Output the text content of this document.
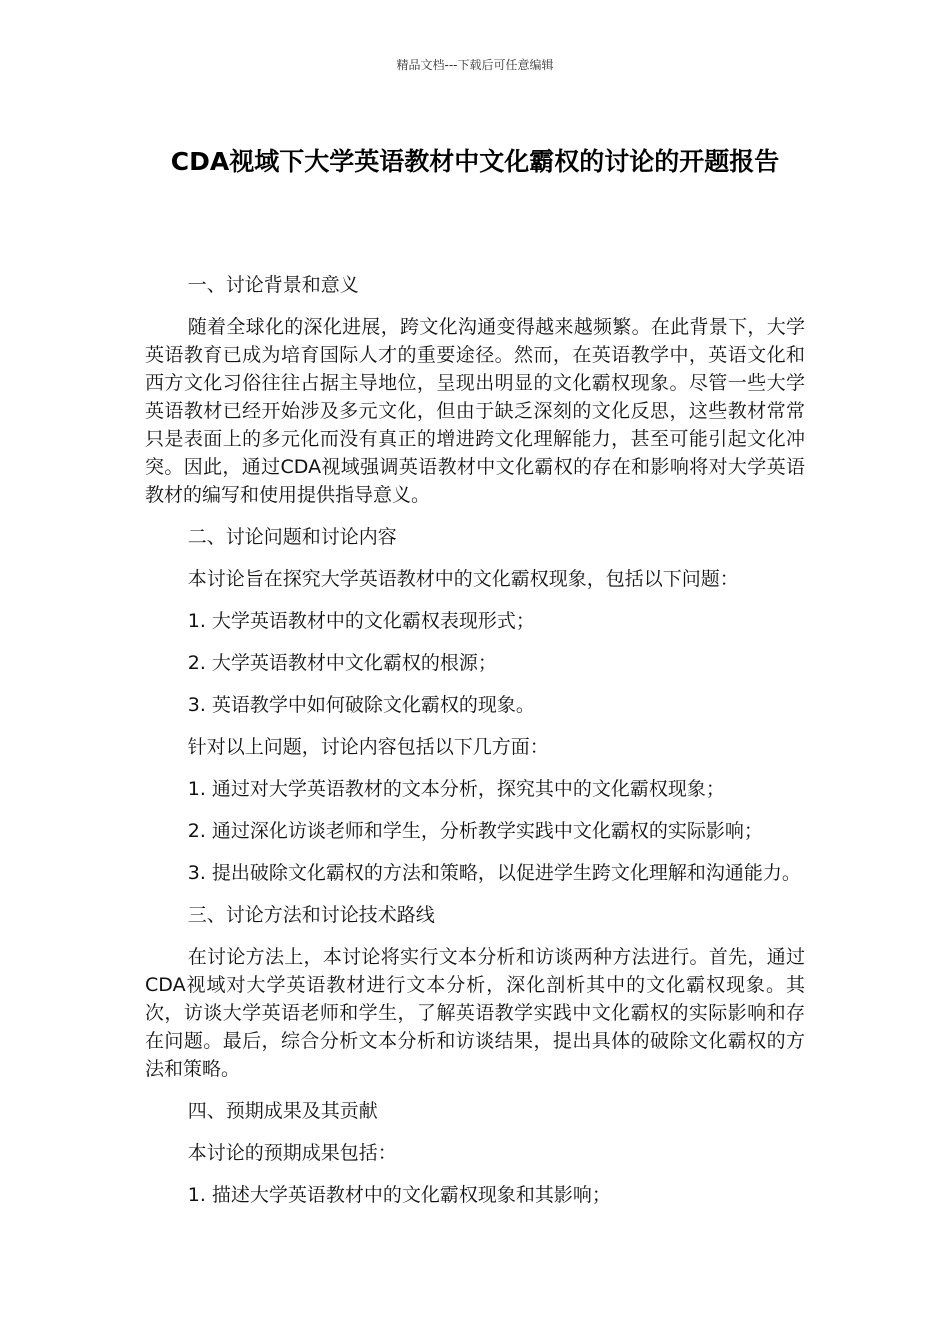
精品文档---下载后可任意编辑
CDA视域下大学英语教材中文化霸权的讨论的开题报告

一、讨论背景和意义

随着全球化的深化进展，跨文化沟通变得越来越频繁。在此背景下，大学英语教育已成为培育国际人才的重要途径。然而，在英语教学中，英语文化和西方文化习俗往往占据主导地位，呈现出明显的文化霸权现象。尽管一些大学英语教材已经开始涉及多元文化，但由于缺乏深刻的文化反思，这些教材常常只是表面上的多元化而没有真正的增进跨文化理解能力，甚至可能引起文化冲突。因此，通过CDA视域强调英语教材中文化霸权的存在和影响将对大学英语教材的编写和使用提供指导意义。

二、讨论问题和讨论内容

本讨论旨在探究大学英语教材中的文化霸权现象，包括以下问题：

1. 大学英语教材中的文化霸权表现形式；

2. 大学英语教材中文化霸权的根源；

3. 英语教学中如何破除文化霸权的现象。

针对以上问题，讨论内容包括以下几方面：

1. 通过对大学英语教材的文本分析，探究其中的文化霸权现象；

2. 通过深化访谈老师和学生，分析教学实践中文化霸权的实际影响；

3. 提出破除文化霸权的方法和策略，以促进学生跨文化理解和沟通能力。

三、讨论方法和讨论技术路线

在讨论方法上，本讨论将实行文本分析和访谈两种方法进行。首先，通过CDA视域对大学英语教材进行文本分析，深化剖析其中的文化霸权现象。其次，访谈大学英语老师和学生，了解英语教学实践中文化霸权的实际影响和存在问题。最后，综合分析文本分析和访谈结果，提出具体的破除文化霸权的方法和策略。

四、预期成果及其贡献

本讨论的预期成果包括：

1. 描述大学英语教材中的文化霸权现象和其影响；
